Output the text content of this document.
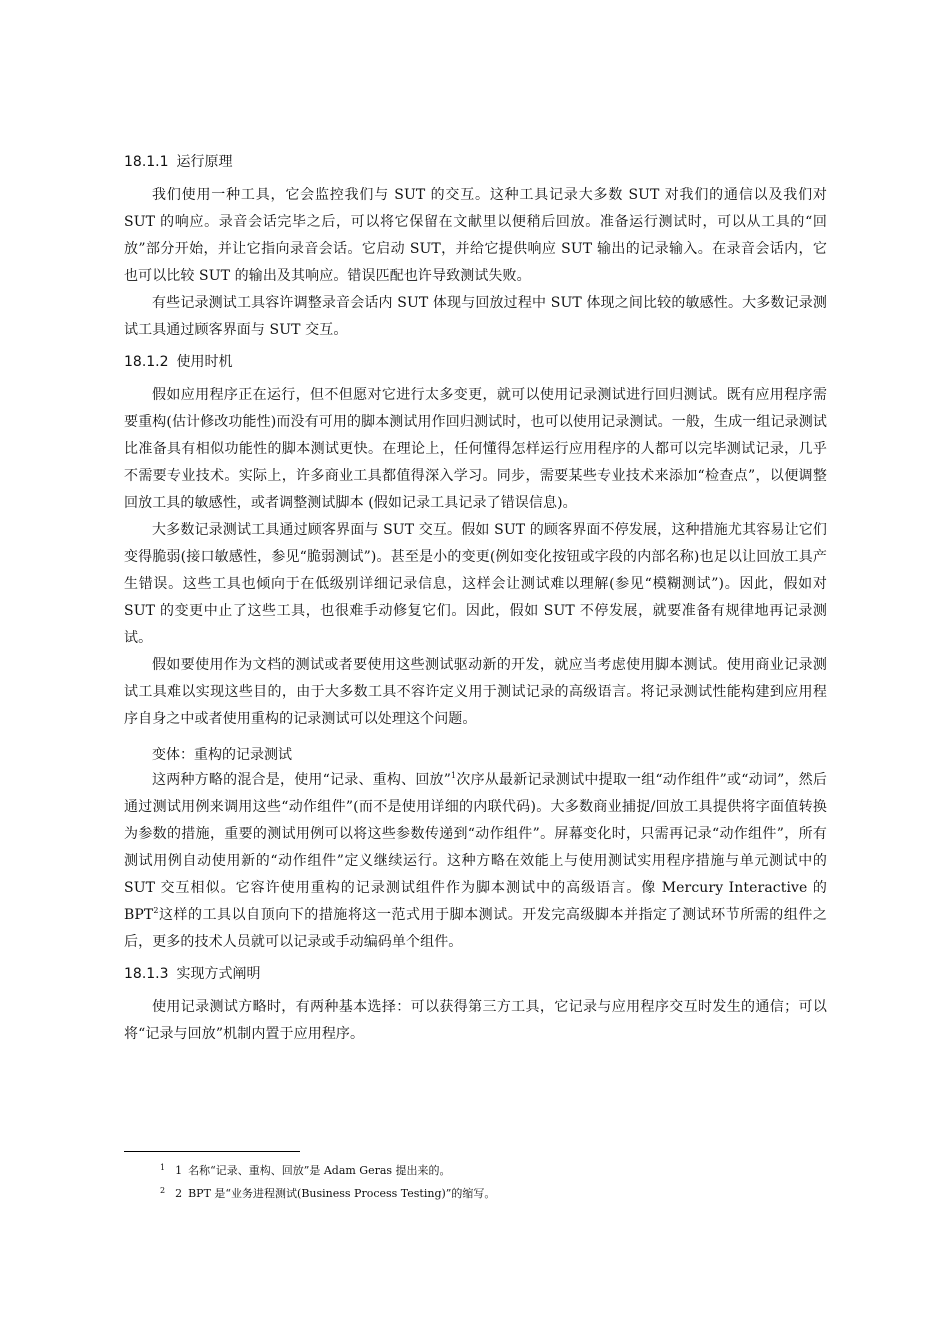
18.1.1 运行原理

我们使用一种工具，它会监控我们与 SUT 的交互。这种工具记录大多数 SUT 对我们的通信以及我们对 SUT 的响应。录音会话完毕之后，可以将它保留在文献里以便稍后回放。准备运行测试时，可以从工具的“回放”部分开始，并让它指向录音会话。它启动 SUT，并给它提供响应 SUT 输出的记录输入。在录音会话内，它也可以比较 SUT 的输出及其响应。错误匹配也许导致测试失败。

有些记录测试工具容许调整录音会话内 SUT 体现与回放过程中 SUT 体现之间比较的敏感性。大多数记录测试工具通过顾客界面与 SUT 交互。

18.1.2 使用时机

假如应用程序正在运行，但不但愿对它进行太多变更，就可以使用记录测试进行回归测试。既有应用程序需要重构(估计修改功能性)而没有可用的脚本测试用作回归测试时，也可以使用记录测试。一般，生成一组记录测试比准备具有相似功能性的脚本测试更快。在理论上，任何懂得怎样运行应用程序的人都可以完毕测试记录，几乎不需要专业技术。实际上，许多商业工具都值得深入学习。同步，需要某些专业技术来添加“检查点”，以便调整回放工具的敏感性，或者调整测试脚本 (假如记录工具记录了错误信息)。

大多数记录测试工具通过顾客界面与 SUT 交互。假如 SUT 的顾客界面不停发展，这种措施尤其容易让它们变得脆弱(接口敏感性，参见“脆弱测试”)。甚至是小的变更(例如变化按钮或字段的内部名称)也足以让回放工具产生错误。这些工具也倾向于在低级别详细记录信息，这样会让测试难以理解(参见“模糊测试”)。因此，假如对 SUT 的变更中止了这些工具，也很难手动修复它们。因此，假如 SUT 不停发展，就要准备有规律地再记录测试。

假如要使用作为文档的测试或者要使用这些测试驱动新的开发，就应当考虑使用脚本测试。使用商业记录测试工具难以实现这些目的，由于大多数工具不容许定义用于测试记录的高级语言。将记录测试性能构建到应用程序自身之中或者使用重构的记录测试可以处理这个问题。

变体：重构的记录测试

这两种方略的混合是，使用“记录、重构、回放”$^1$次序从最新记录测试中提取一组“动作组件”或“动词”，然后通过测试用例来调用这些“动作组件”(而不是使用详细的内联代码)。大多数商业捕捉/回放工具提供将字面值转换为参数的措施，重要的测试用例可以将这些参数传递到“动作组件”。屏幕变化时，只需再记录“动作组件”，所有测试用例自动使用新的“动作组件”定义继续运行。这种方略在效能上与使用测试实用程序措施与单元测试中的 SUT 交互相似。它容许使用重构的记录测试组件作为脚本测试中的高级语言。像 Mercury Interactive 的 BPT$^2$这样的工具以自顶向下的措施将这一范式用于脚本测试。开发完高级脚本并指定了测试环节所需的组件之后，更多的技术人员就可以记录或手动编码单个组件。

18.1.3 实现方式阐明

使用记录测试方略时，有两种基本选择：可以获得第三方工具，它记录与应用程序交互时发生的通信；可以将“记录与回放”机制内置于应用程序。

$^1$ 1 名称“记录、重构、回放”是 Adam Geras 提出来的。
$^2$ 2 BPT 是“业务进程测试(Business Process Testing)”的缩写。
